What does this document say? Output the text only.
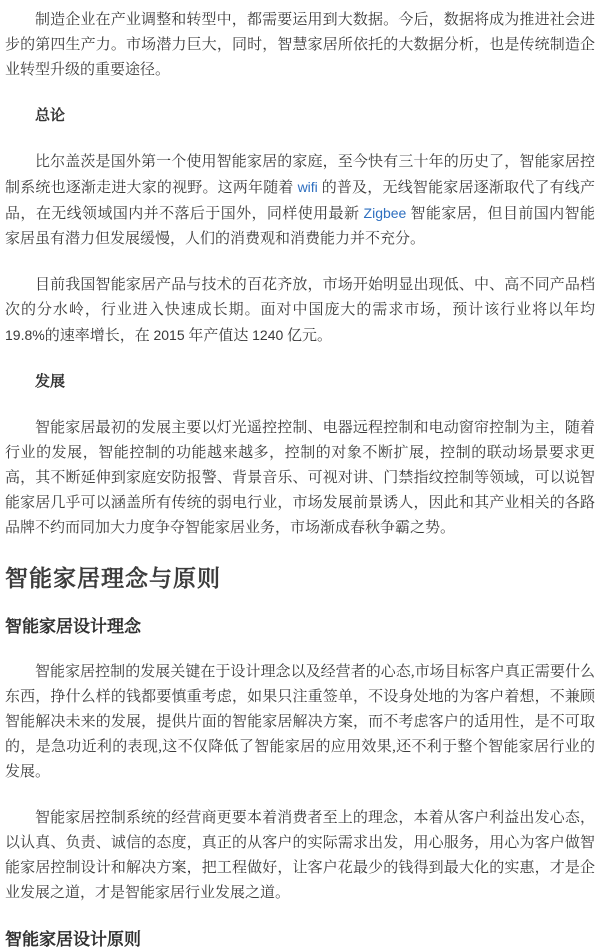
制造企业在产业调整和转型中，都需要运用到大数据。今后，数据将成为推进社会进步的第四生产力。市场潜力巨大，同时，智慧家居所依托的大数据分析，也是传统制造企业转型升级的重要途径。

总论

比尔盖茨是国外第一个使用智能家居的家庭，至今快有三十年的历史了，智能家居控制系统也逐渐走进大家的视野。这两年随着 wifi 的普及，无线智能家居逐渐取代了有线产品，在无线领域国内并不落后于国外，同样使用最新 Zigbee 智能家居，但目前国内智能家居虽有潜力但发展缓慢，人们的消费观和消费能力并不充分。

目前我国智能家居产品与技术的百花齐放，市场开始明显出现低、中、高不同产品档次的分水岭，行业进入快速成长期。面对中国庞大的需求市场，预计该行业将以年均 19.8%的速率增长，在 2015 年产值达 1240 亿元。

发展

智能家居最初的发展主要以灯光遥控控制、电器远程控制和电动窗帘控制为主，随着行业的发展，智能控制的功能越来越多，控制的对象不断扩展，控制的联动场景要求更高，其不断延伸到家庭安防报警、背景音乐、可视对讲、门禁指纹控制等领域，可以说智能家居几乎可以涵盖所有传统的弱电行业，市场发展前景诱人，因此和其产业相关的各路品牌不约而同加大力度争夺智能家居业务，市场渐成春秋争霸之势。

智能家居理念与原则
智能家居设计理念

智能家居控制的发展关键在于设计理念以及经营者的心态,市场目标客户真正需要什么东西，挣什么样的钱都要慎重考虑，如果只注重签单，不设身处地的为客户着想，不兼顾智能解决未来的发展，提供片面的智能家居解决方案，而不考虑客户的适用性，是不可取的，是急功近利的表现,这不仅降低了智能家居的应用效果,还不利于整个智能家居行业的发展。

智能家居控制系统的经营商更要本着消费者至上的理念，本着从客户利益出发心态，以认真、负责、诚信的态度，真正的从客户的实际需求出发，用心服务，用心为客户做智能家居控制设计和解决方案，把工程做好，让客户花最少的钱得到最大化的实惠，才是企业发展之道，才是智能家居行业发展之道。

智能家居设计原则
